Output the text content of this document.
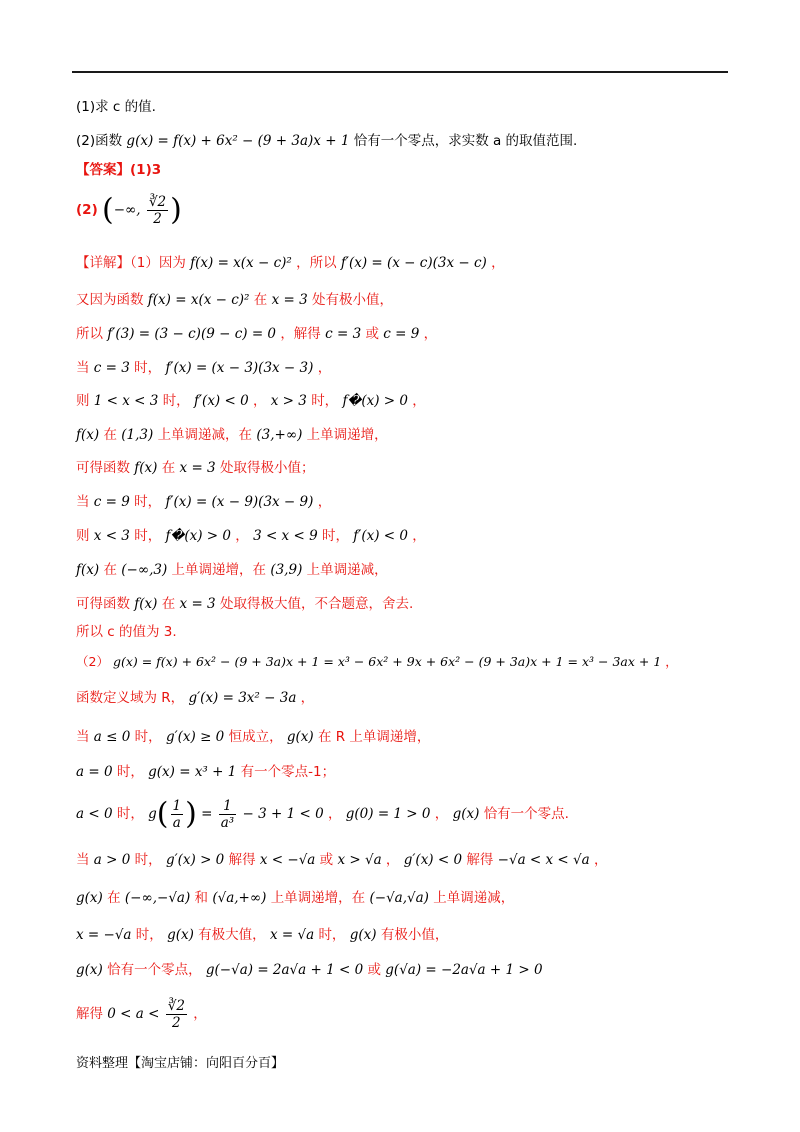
(1)求 c 的值.
(2)函数 g(x) = f(x) + 6x² − (9 + 3a)x + 1 恰有一个零点，求实数 a 的取值范围.
【答案】(1)3
(2) (−∞, $\frac{∛2}{2}$ )
【详解】（1）因为 f(x) = x(x − c)² ，所以 f′(x) = (x − c)(3x − c) ，
又因为函数 f(x) = x(x − c)² 在 x = 3 处有极小值，
所以 f′(3) = (3 − c)(9 − c) = 0 ，解得 c = 3 或 c = 9 ，
当 c = 3 时， f′(x) = (x − 3)(3x − 3) ，
则 1 < x < 3 时， f′(x) < 0 ， x > 3 时， f�(x) > 0 ，
f(x) 在 (1,3) 上单调递减，在 (3,+∞) 上单调递增，
可得函数 f(x) 在 x = 3 处取得极小值；
当 c = 9 时， f′(x) = (x − 9)(3x − 9) ，
则 x < 3 时， f�(x) > 0 ， 3 < x < 9 时， f′(x) < 0 ，
f(x) 在 (−∞,3) 上单调递增，在 (3,9) 上单调递减，
可得函数 f(x) 在 x = 3 处取得极大值，不合题意，舍去.
所以 c 的值为 3.
（2） g(x) = f(x) + 6x² − (9 + 3a)x + 1 = x³ − 6x² + 9x + 6x² − (9 + 3a)x + 1 = x³ − 3ax + 1 ，
函数定义域为 R， g′(x) = 3x² − 3a ，
当 a ≤ 0 时， g′(x) ≥ 0 恒成立， g(x) 在 R 上单调递增，
a = 0 时， g(x) = x³ + 1 有一个零点-1；
a < 0 时， $g( \frac{1}{a}$ ) = $\frac{1}{\text{a³}} - 3 + 1 < 0$ ， g(0) = 1 > 0 ， g(x) 恰有一个零点.
当 a > 0 时， g′(x) > 0 解得 x < −√a 或 x > √a ， g′(x) < 0 解得 −√a < x < √a ，
g(x) 在 (−∞,−√a) 和 (√a,+∞) 上单调递增，在 (−√a,√a) 上单调递减，
x = −√a 时， g(x) 有极大值， x = √a 时， g(x) 有极小值，
g(x) 恰有一个零点， g(−√a) = 2a√a + 1 < 0 或 g(√a) = −2a√a + 1 > 0
解得 $0 < a < \frac{∛2}{2}$ ，
资料整理【淘宝店铺：向阳百分百】
